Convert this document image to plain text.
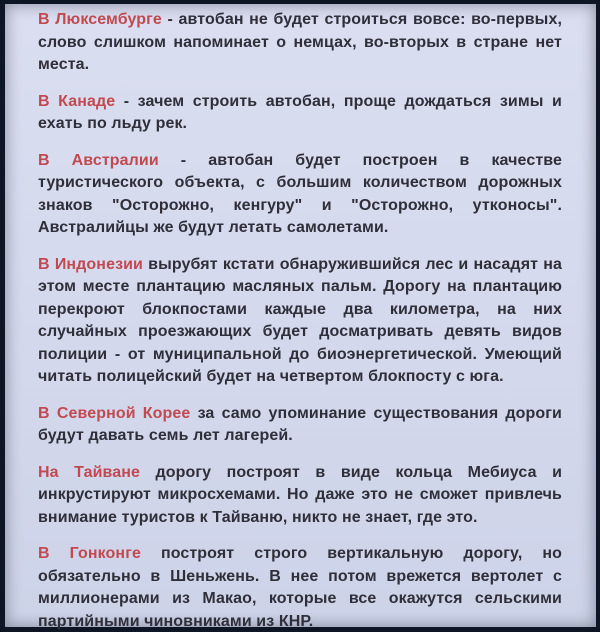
В Люксембурге - автобан не будет строиться вовсе: во-первых, слово слишком напоминает о немцах, во-вторых в стране нет места.

В Канаде - зачем строить автобан, проще дождаться зимы и ехать по льду рек.

В Австралии - автобан будет построен в качестве туристического объекта, с большим количеством дорожных знаков "Осторожно, кенгуру" и "Осторожно, утконосы". Австралийцы же будут летать самолетами.

В Индонезии вырубят кстати обнаружившийся лес и насадят на этом месте плантацию масляных пальм. Дорогу на плантацию перекроют блокпостами каждые два километра, на них случайных проезжающих будет досматривать девять видов полиции - от муниципальной до биоэнергетической. Умеющий читать полицейский будет на четвертом блокпосту с юга.

В Северной Корее за само упоминание существования дороги будут давать семь лет лагерей.

На Тайване дорогу построят в виде кольца Мебиуса и инкрустируют микросхемами. Но даже это не сможет привлечь внимание туристов к Тайваню, никто не знает, где это.

В Гонконге построят строго вертикальную дорогу, но обязательно в Шеньжень. В нее потом врежется вертолет с миллионерами из Макао, которые все окажутся сельскими партийными чиновниками из КНР.
